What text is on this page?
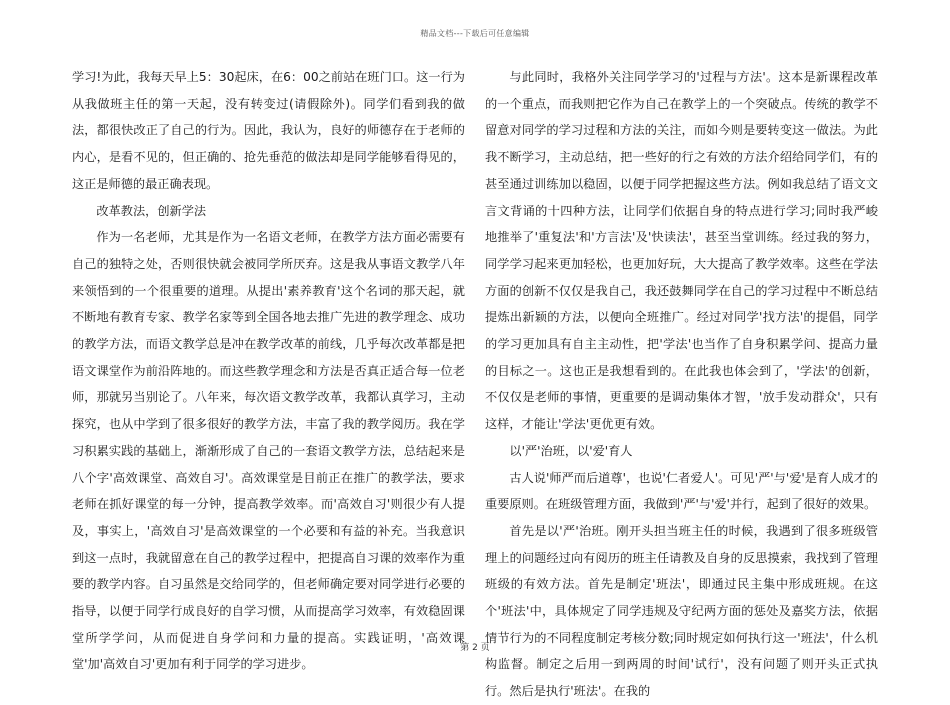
精品文档---下载后可任意编辑

学习!为此，我每天早上5：30起床，在6：00之前站在班门口。这一行为从我做班主任的第一天起，没有转变过(请假除外)。同学们看到我的做法，都很快改正了自己的行为。因此，我认为，良好的师德存在于老师的内心，是看不见的，但正确的、抢先垂范的做法却是同学能够看得见的，这正是师德的最正确表现。

改革教法，创新学法

作为一名老师，尤其是作为一名语文老师，在教学方法方面必需要有自己的独特之处，否则很快就会被同学所厌弃。这是我从事语文教学八年来领悟到的一个很重要的道理。从提出'素养教育'这个名词的那天起，就不断地有教育专家、教学名家等到全国各地去推广先进的教学理念、成功的教学方法，而语文教学总是冲在教学改革的前线，几乎每次改革都是把语文课堂作为前沿阵地的。而这些教学理念和方法是否真正适合每一位老师，那就另当别论了。八年来，每次语文教学改革，我都认真学习，主动探究，也从中学到了很多很好的教学方法，丰富了我的教学阅历。我在学习积累实践的基础上，渐渐形成了自己的一套语文教学方法，总结起来是八个字'高效课堂、高效自习'。高效课堂是目前正在推广的教学法，要求老师在抓好课堂的每一分钟，提高教学效率。而'高效自习'则很少有人提及，事实上，'高效自习'是高效课堂的一个必要和有益的补充。当我意识到这一点时，我就留意在自己的教学过程中，把提高自习课的效率作为重要的教学内容。自习虽然是交给同学的，但老师确定要对同学进行必要的指导，以便于同学行成良好的自学习惯，从而提高学习效率，有效稳固课堂所学学问，从而促进自身学问和力量的提高。实践证明，'高效课堂'加'高效自习'更加有利于同学的学习进步。

与此同时，我格外关注同学学习的'过程与方法'。这本是新课程改革的一个重点，而我则把它作为自己在教学上的一个突破点。传统的教学不留意对同学的学习过程和方法的关注，而如今则是要转变这一做法。为此我不断学习，主动总结，把一些好的行之有效的方法介绍给同学们，有的甚至通过训练加以稳固，以便于同学把握这些方法。例如我总结了语文文言文背诵的十四种方法，让同学们依据自身的特点进行学习;同时我严峻 地推举了'重复法'和'方言法'及'快读法'，甚至当堂训练。经过我的努力，同学学习起来更加轻松，也更加好玩，大大提高了教学效率。这些在学法方面的创新不仅仅是我自己，我还鼓舞同学在自己的学习过程中不断总结提炼出新颖的方法，以便向全班推广。经过对同学'找方法'的提倡，同学的学习更加具有自主主动性，把'学法'也当作了自身积累学问、提高力量的目标之一。这也正是我想看到的。在此我也体会到了，'学法'的创新，不仅仅是老师的事情，更重要的是调动集体才智，'放手发动群众'，只有这样，才能让'学法'更优更有效。

以'严'治班，以'爱'育人

古人说'师严而后道尊'，也说'仁者爱人'。可见'严'与'爱'是育人成才的重要原则。在班级管理方面，我做到'严'与'爱'并行，起到了很好的效果。

首先是以'严'治班。刚开头担当班主任的时候，我遇到了很多班级管理上的问题经过向有阅历的班主任请教及自身的反思摸索，我找到了管理班级的有效方法。首先是制定'班法'，即通过民主集中形成班规。在这个'班法'中，具体规定了同学违规及守纪两方面的惩处及嘉奖方法，依据情节行为的不同程度制定考核分数;同时规定如何执行这一'班法'，什么机构监督。制定之后用一到两周的时间'试行'，没有问题了则开头正式执行。然后是执行'班法'。在我的

第 2 页
